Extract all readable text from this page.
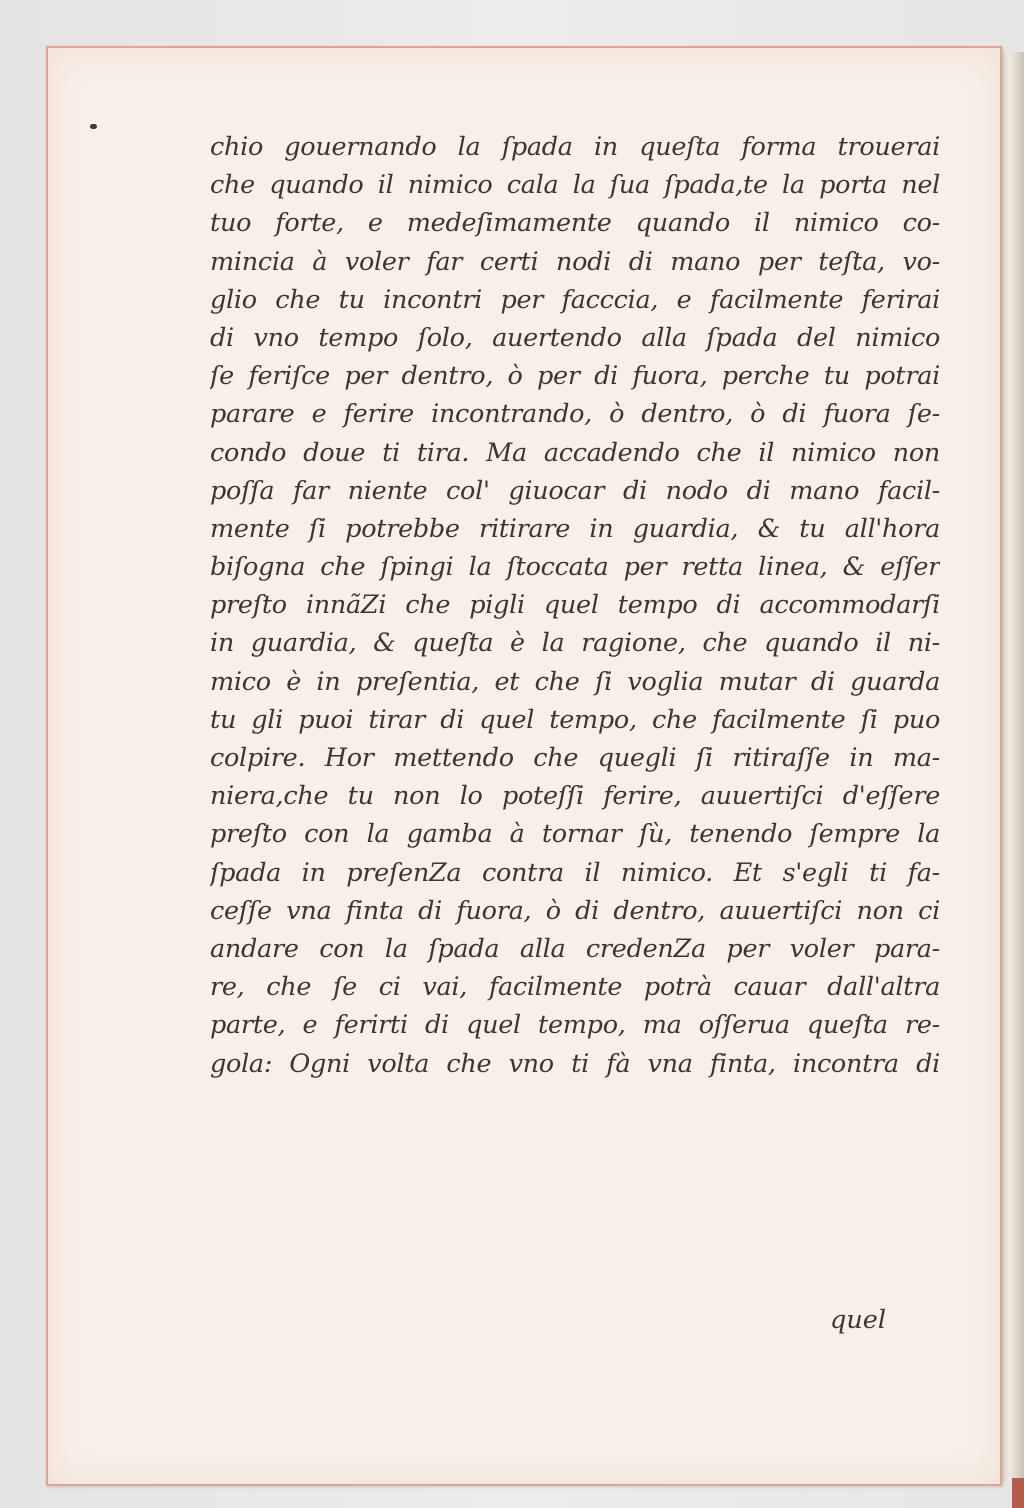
chio gouernando la ſpada in queſta forma trouerai
che quando il nimico cala la ſua ſpada,te la porta nel
tuo forte, e medeſimamente quando il nimico co-
mincia à voler far certi nodi di mano per teſta, vo-
glio che tu incontri per facccia, e facilmente ferirai
di vno tempo ſolo, auertendo alla ſpada del nimico
ſe feriſce per dentro, ò per di fuora, perche tu potrai
parare e ferire incontrando, ò dentro, ò di fuora ſe-
condo doue ti tira. Ma accadendo che il nimico non
poſſa far niente col' giuocar di nodo di mano facil-
mente ſi potrebbe ritirare in guardia, & tu all'hora
biſogna che ſpingi la ſtoccata per retta linea, & eſſer
preſto innãZi che pigli quel tempo di accommodarſi
in guardia, & queſta è la ragione, che quando il ni-
mico è in preſentia, et che ſi voglia mutar di guarda
tu gli puoi tirar di quel tempo, che facilmente ſi puo
colpire. Hor mettendo che quegli ſi ritiraſſe in ma-
niera,che tu non lo poteſſi ferire, auuertiſci d'eſſere
preſto con la gamba à tornar ſù, tenendo ſempre la
ſpada in preſenZa contra il nimico. Et s'egli ti fa-
ceſſe vna finta di fuora, ò di dentro, auuertiſci non ci
andare con la ſpada alla credenZa per voler para-
re, che ſe ci vai, facilmente potrà cauar dall'altra
parte, e ferirti di quel tempo, ma oſſerua queſta re-
gola: Ogni volta che vno ti fà vna finta, incontra di
quel
